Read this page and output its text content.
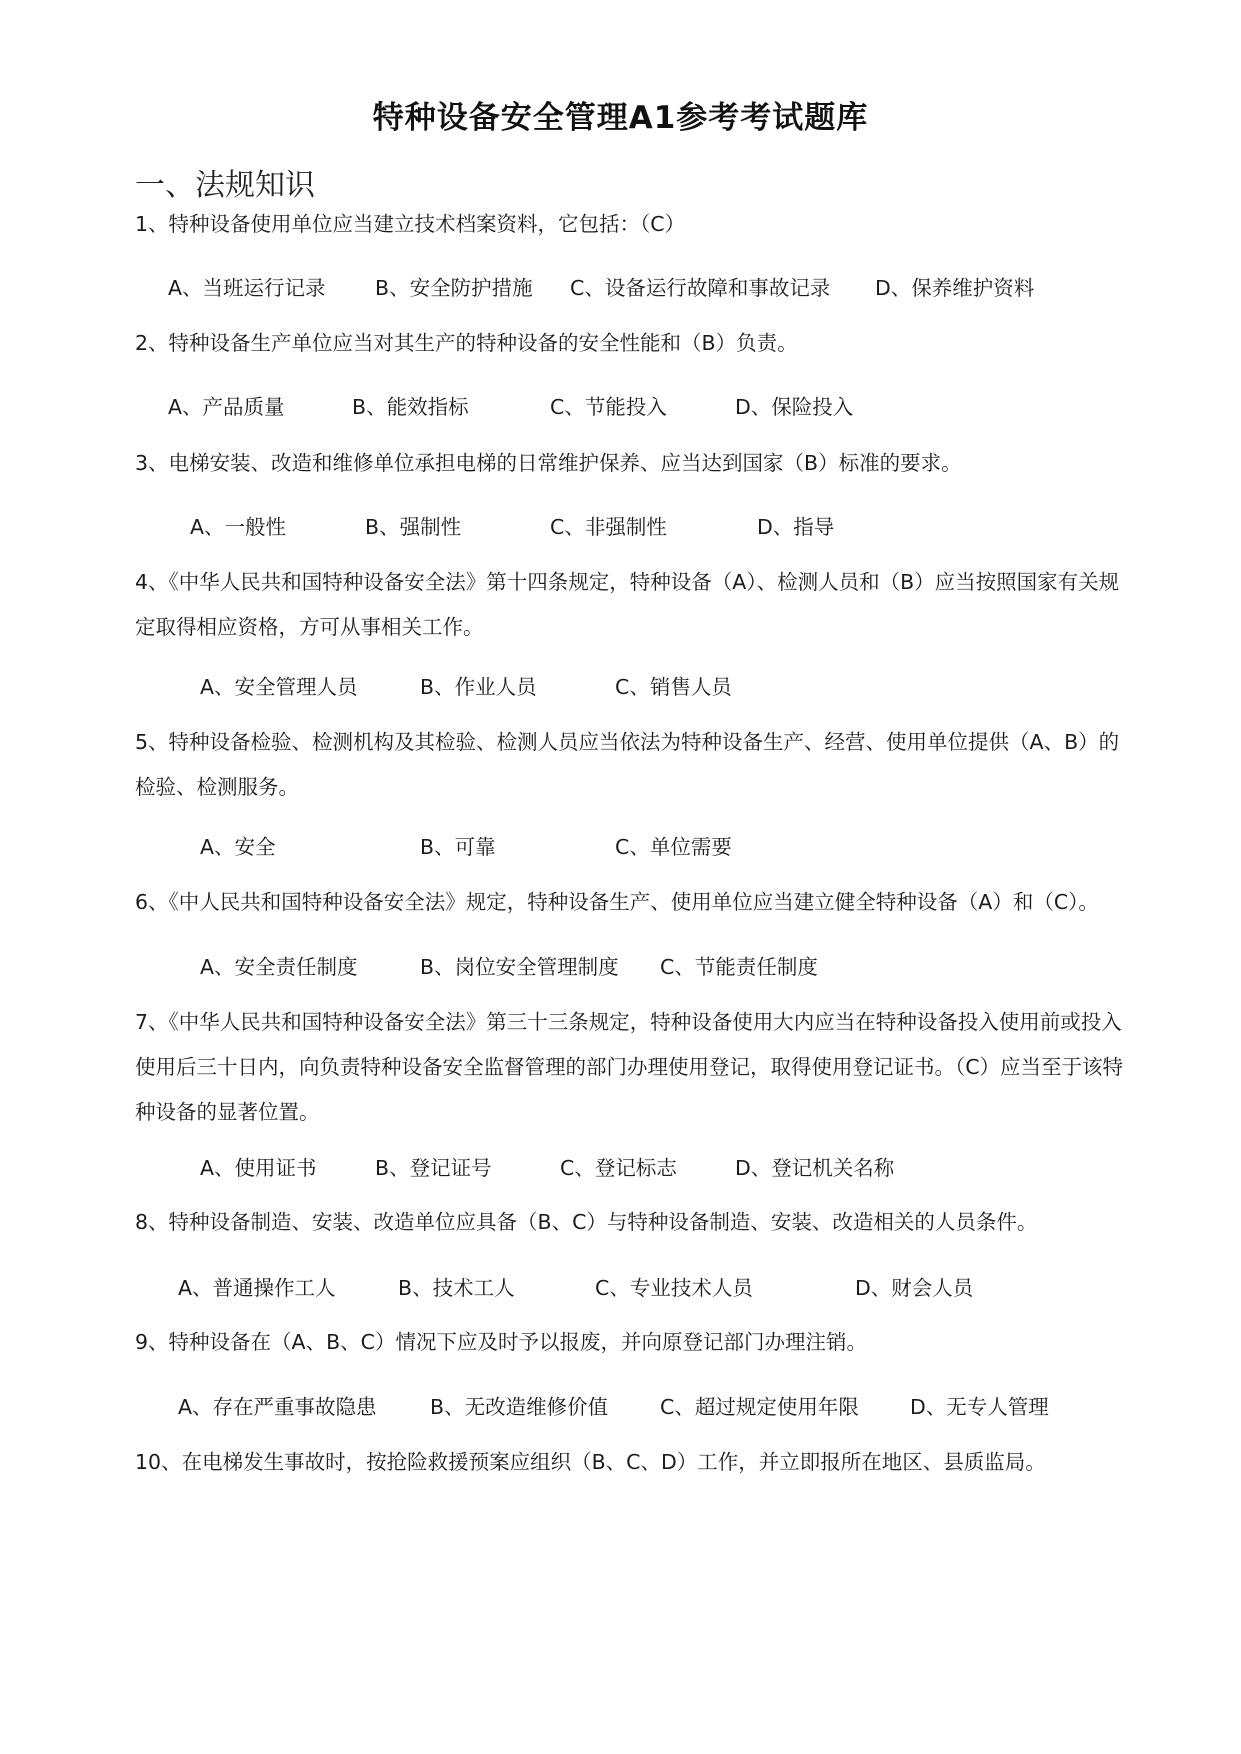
特种设备安全管理A1参考考试题库
一、法规知识
1、特种设备使用单位应当建立技术档案资料，它包括：（C）
A、当班运行记录 B、安全防护措施 C、设备运行故障和事故记录 D、保养维护资料
2、特种设备生产单位应当对其生产的特种设备的安全性能和（B）负责。
A、产品质量	B、能效指标	C、节能投入	D、保险投入
3、电梯安装、改造和维修单位承担电梯的日常维护保养、应当达到国家（B）标准的要求。
A、一般性	B、强制性	C、非强制性	D、指导
4、《中华人民共和国特种设备安全法》第十四条规定，特种设备（A）、检测人员和（B）应当按照国家有关规定取得相应资格，方可从事相关工作。
A、安全管理人员	B、作业人员	C、销售人员
5、特种设备检验、检测机构及其检验、检测人员应当依法为特种设备生产、经营、使用单位提供（A、B）的检验、检测服务。
A、安全	B、可靠	C、单位需要
6、《中人民共和国特种设备安全法》规定，特种设备生产、使用单位应当建立健全特种设备（A）和（C）。
A、安全责任制度	B、岗位安全管理制度 C、节能责任制度
7、《中华人民共和国特种设备安全法》第三十三条规定，特种设备使用大内应当在特种设备投入使用前或投入使用后三十日内，向负责特种设备安全监督管理的部门办理使用登记，取得使用登记证书。（C）应当至于该特种设备的显著位置。
A、使用证书	B、登记证号	C、登记标志	D、登记机关名称
8、特种设备制造、安装、改造单位应具备（B、C）与特种设备制造、安装、改造相关的人员条件。
A、普通操作工人	B、技术工人	C、专业技术人员	D、财会人员
9、特种设备在（A、B、C）情况下应及时予以报废，并向原登记部门办理注销。
A、存在严重事故隐患	B、无改造维修价值	C、超过规定使用年限 D、无专人管理
10、在电梯发生事故时，按抢险救援预案应组织（B、C、D）工作，并立即报所在地区、县质监局。
